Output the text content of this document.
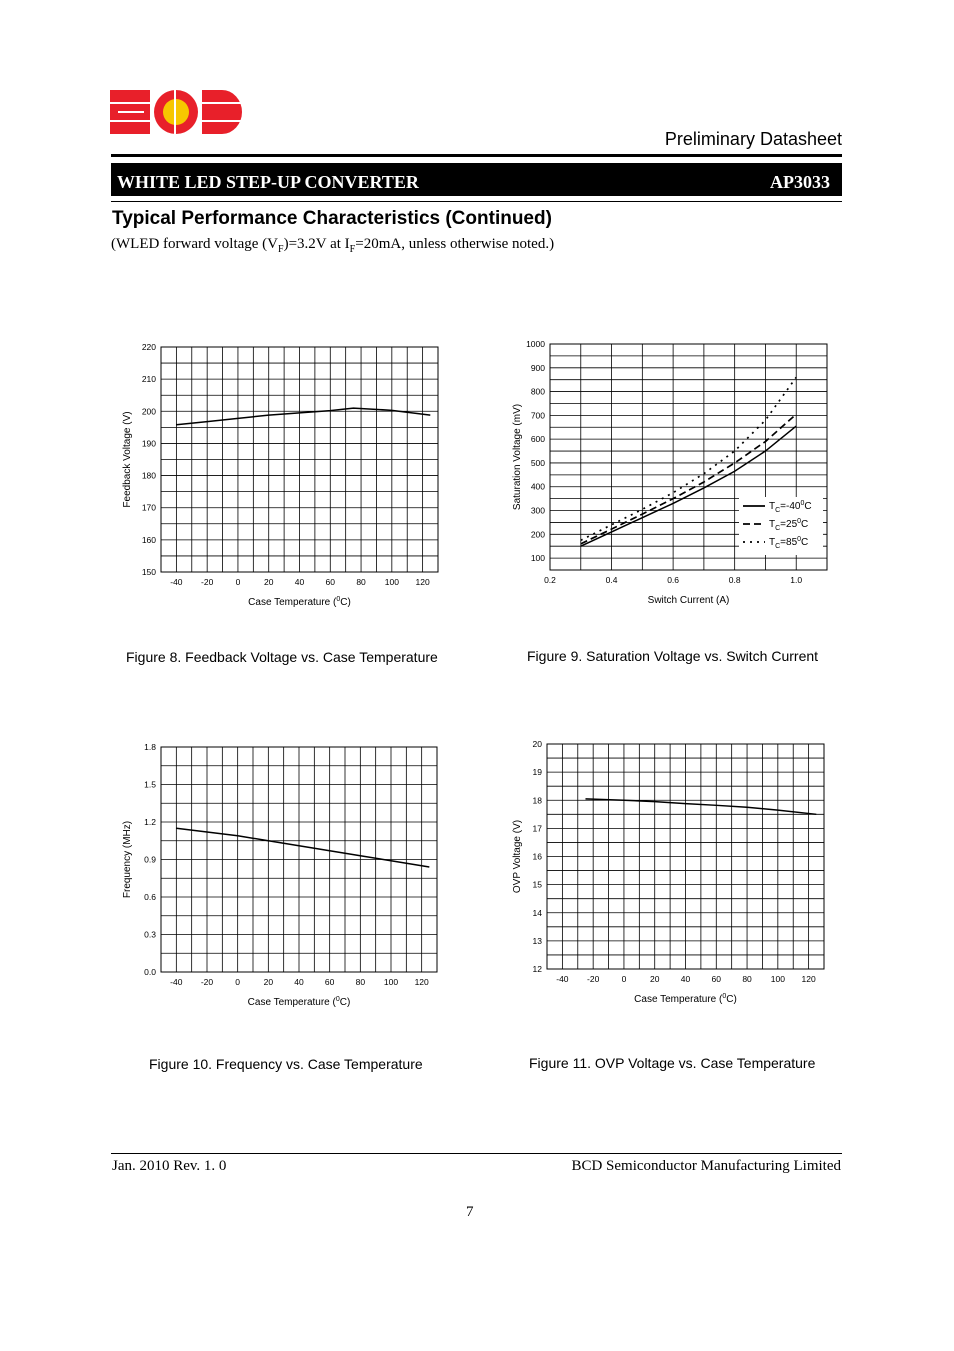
Preliminary Datasheet
WHITE LED STEP-UP CONVERTER	AP3033
Typical Performance Characteristics (Continued)
(WLED forward voltage $(V_F)=3.2V$ at $I_F=20mA$, unless otherwise noted.)
-40 -20	0	20	40	60	80 100 120
150
160
170
180
190
200
210
220
Case Temperature ($^0$C)
Feedback Voltage (V)
0.2	0.4	0.6	0.8	1.0
100
200
300
400
500
600
700
800
900
1000
Switch Current (A)
Saturation Voltage (mV)	$T_C=-40^0C$
$T_C=25^0C$
$T_C=85^0C$
-40 -20	0	20 40 60 80 100 120
0.0
0.3
0.6
0.9
1.2
1.5
1.8
Case Temperature ($^0$C)
Frequency (MHz)
-40 -20	0	20	40	60	80 100 120
12
13
14
15
16
17
18
19
20
Case Temperature ($^0$C)
OVP Voltage (V)
Figure 8. Feedback Voltage vs. Case Temperature	Figure 9. Saturation Voltage vs. Switch Current
Figure 10. Frequency vs. Case Temperature	Figure 11. OVP Voltage vs. Case Temperature
Jan. 2010 Rev. 1. 0	BCD Semiconductor Manufacturing Limited
7
